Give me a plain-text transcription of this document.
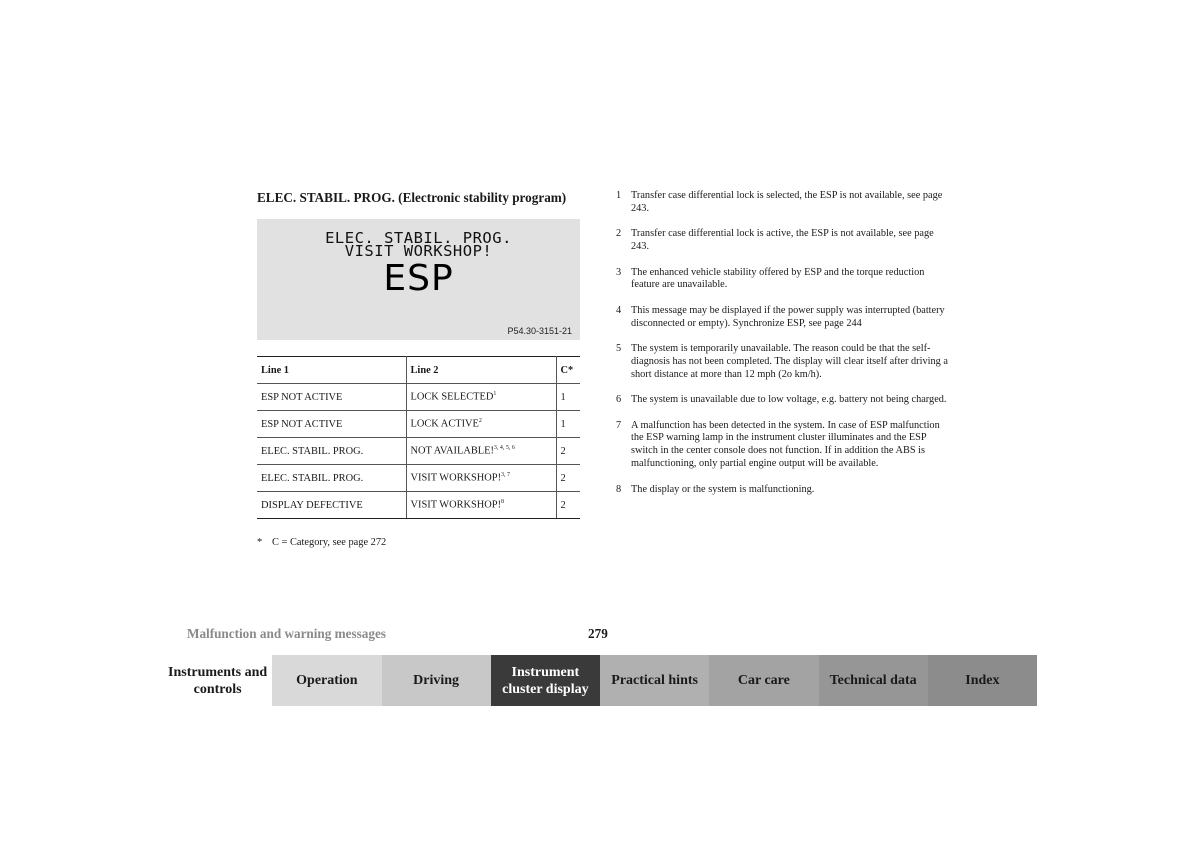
ELEC. STABIL. PROG. (Electronic stability program)
ELEC. STABIL. PROG.
VISIT WORKSHOP!
ESP
P54.30-3151-21
Line 1	Line 2	C*
ESP NOT ACTIVE	LOCK SELECTED$^1$	1
ESP NOT ACTIVE	LOCK ACTIVE$^2$	1
ELEC. STABIL. PROG.	NOT AVAILABLE!$^{3, 4, 5, 6}$	2
ELEC. STABIL. PROG.	VISIT WORKSHOP!$^{3, 7}$	2
DISPLAY DEFECTIVE	VISIT WORKSHOP!$^8$	2
* C = Category, see page 272
1 Transfer case differential lock is selected, the ESP is not available, see page 243.
2 Transfer case differential lock is active, the ESP is not available, see page 243.
3 The enhanced vehicle stability offered by ESP and the torque reduction feature are unavailable.
4 This message may be displayed if the power supply was interrupted (battery disconnected or empty). Synchronize ESP, see page 244
5 The system is temporarily unavailable. The reason could be that the self-diagnosis has not been completed. The display will clear itself after driving a short distance at more than 12 mph (2o km/h).
6 The system is unavailable due to low voltage, e.g. battery not being charged.
7 A malfunction has been detected in the system. In case of ESP malfunction the ESP warning lamp in the instrument cluster illuminates and the ESP switch in the center console does not function. If in addition the ABS is malfunctioning, only partial engine output will be available.
8 The display or the system is malfunctioning.
Malfunction and warning messages	279
Instruments and controls
Operation	Driving
Instrument cluster display
Practical hints	Car care	Technical data	Index
